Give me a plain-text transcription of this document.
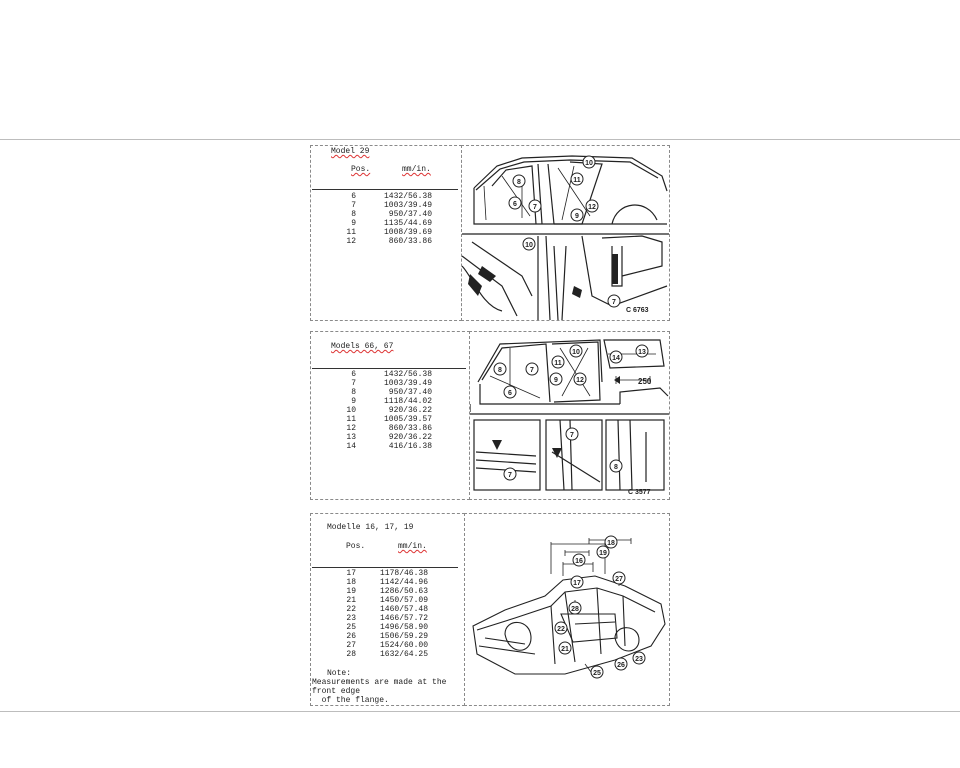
Model 29
Pos.	mm/in.
6	1432/56.38
7	1003/39.49
8	950/37.40
9	1135/44.69
11	1008/39.69
12	860/33.86
8
6 7
11
10
12
9
10
7
C 6763
Models 66, 67
6	1432/56.38
7	1003/39.49
8	950/37.40
9	1118/44.02
10	920/36.22
11	1005/39.57
12	860/33.86
13	920/36.22
14	416/16.38
8
6
11
9
10
12
14
13
7
7
8
7
250
C 3577
Modelle 16, 17, 19
Pos.	mm/in.
17	1178/46.38
18	1142/44.96
19	1286/50.63
21	1450/57.09
22	1460/57.48
23	1466/57.72
25	1496/58.90
26	1506/59.29
27	1524/60.00
28	1632/64.25
Note:
Measurements are made at the
front edge
of the flange.
17
16
18
28
22
27
21
23
25
26
19
